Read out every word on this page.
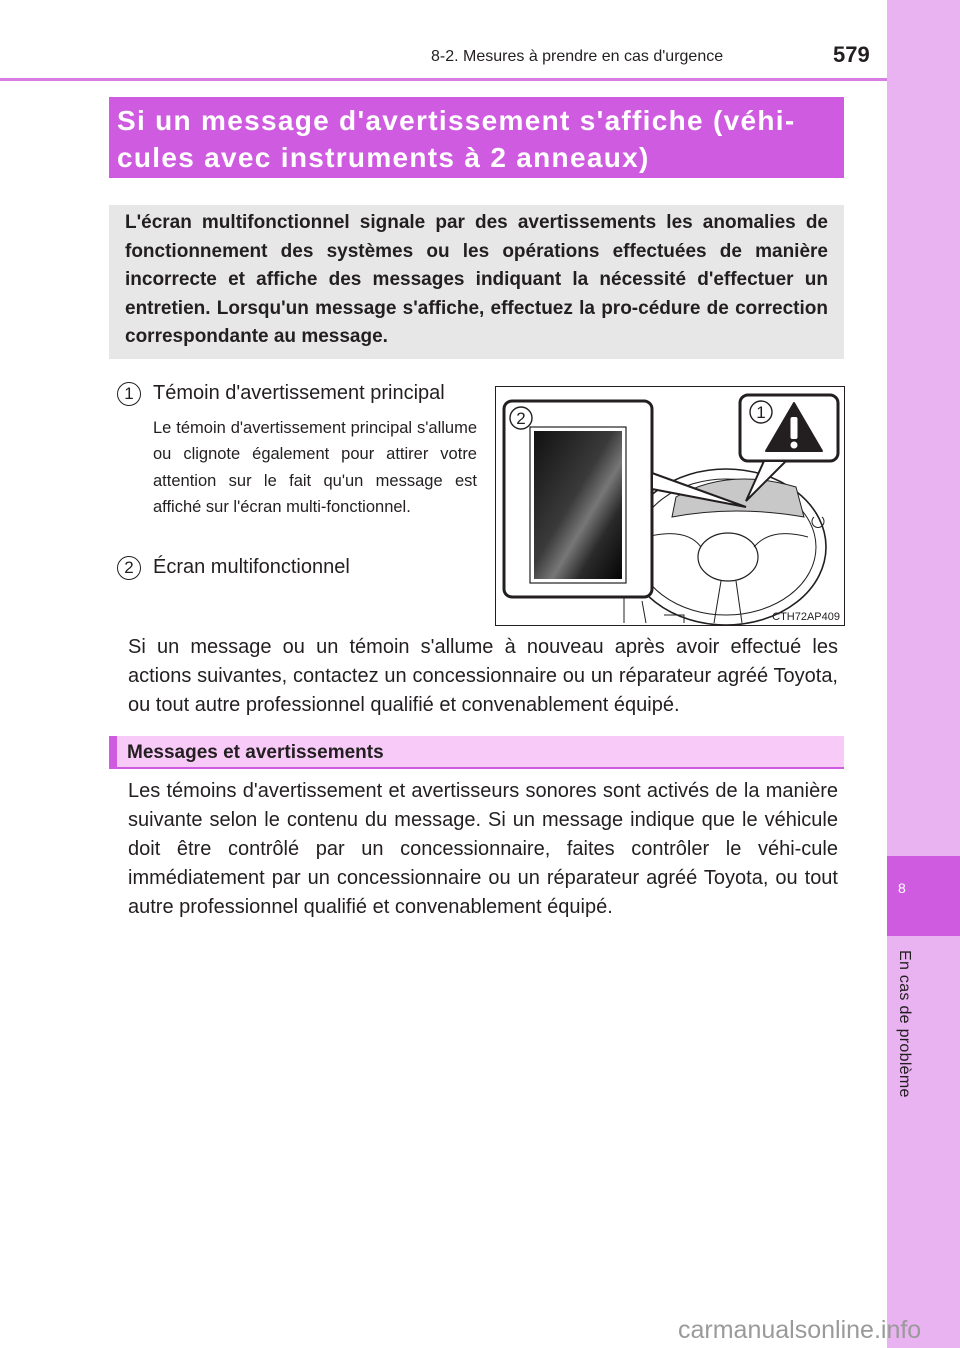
8
En cas de problème
8-2. Mesures à prendre en cas d'urgence	579
Si un message d'avertissement s'affiche (véhi-cules avec instruments à 2 anneaux)
L'écran multifonctionnel signale par des avertissements les anomalies de fonctionnement des systèmes ou les opérations effectuées de manière incorrecte et affiche des messages indiquant la nécessité d'effectuer un entretien. Lorsqu'un message s'affiche, effectuez la pro-cédure de correction correspondante au message.
1 Témoin d'avertissement principal
Le témoin d'avertissement principal s'allume ou clignote également pour attirer votre attention sur le fait qu'un message est affiché sur l'écran multi-fonctionnel.
2 Écran multifonctionnel
2	1
CTH72AP409
Si un message ou un témoin s'allume à nouveau après avoir effectué les actions suivantes, contactez un concessionnaire ou un réparateur agréé Toyota, ou tout autre professionnel qualifié et convenablement équipé.
Messages et avertissements
Les témoins d'avertissement et avertisseurs sonores sont activés de la manière suivante selon le contenu du message. Si un message indique que le véhicule doit être contrôlé par un concessionnaire, faites contrôler le véhi-cule immédiatement par un concessionnaire ou un réparateur agréé Toyota, ou tout autre professionnel qualifié et convenablement équipé.
carmanualsonline.info
